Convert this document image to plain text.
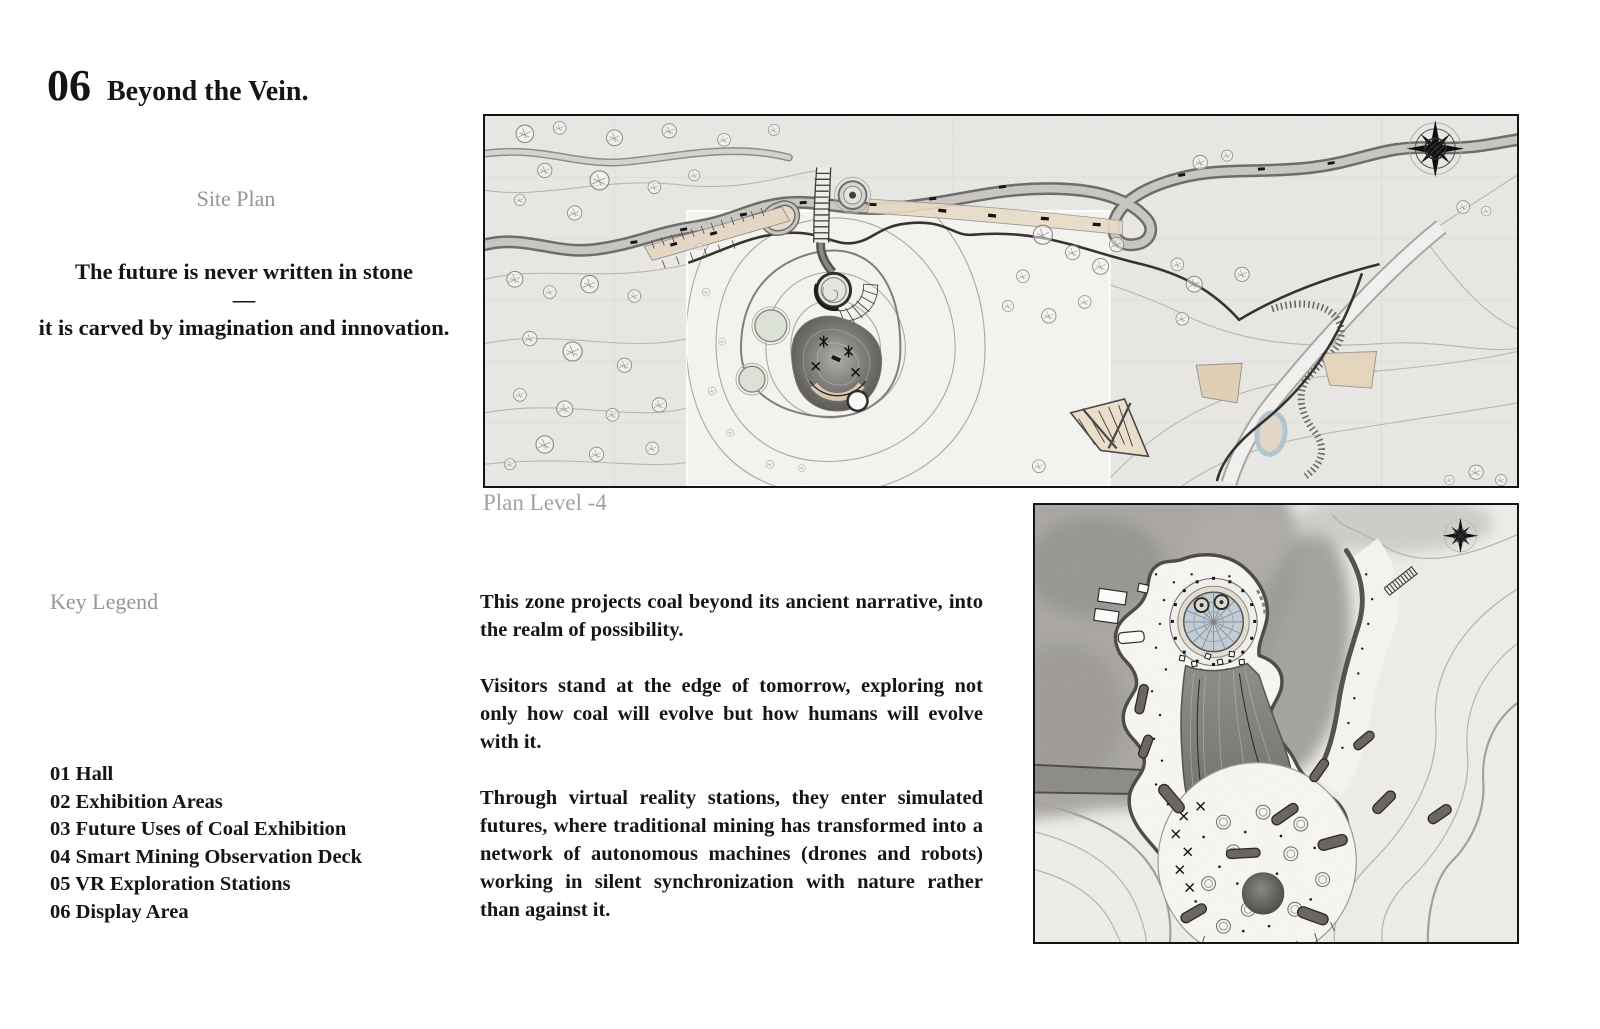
06 Beyond the Vein.
Site Plan
The future is never written in stone
—
it is carved by imagination and innovation.
Key Legend
01 Hall
02 Exhibition Areas
03 Future Uses of Coal Exhibition
04 Smart Mining Observation Deck
05 VR Exploration Stations
06 Display Area

This zone projects coal beyond its ancient narrative, into the realm of possibility.

Visitors stand at the edge of tomorrow, exploring not only how coal will evolve but how humans will evolve with it.

Through virtual reality stations, they enter simulated futures, where traditional mining has transformed into a network of autonomous machines (drones and robots) working in silent synchronization with nature rather than against it.

Plan Level -4
